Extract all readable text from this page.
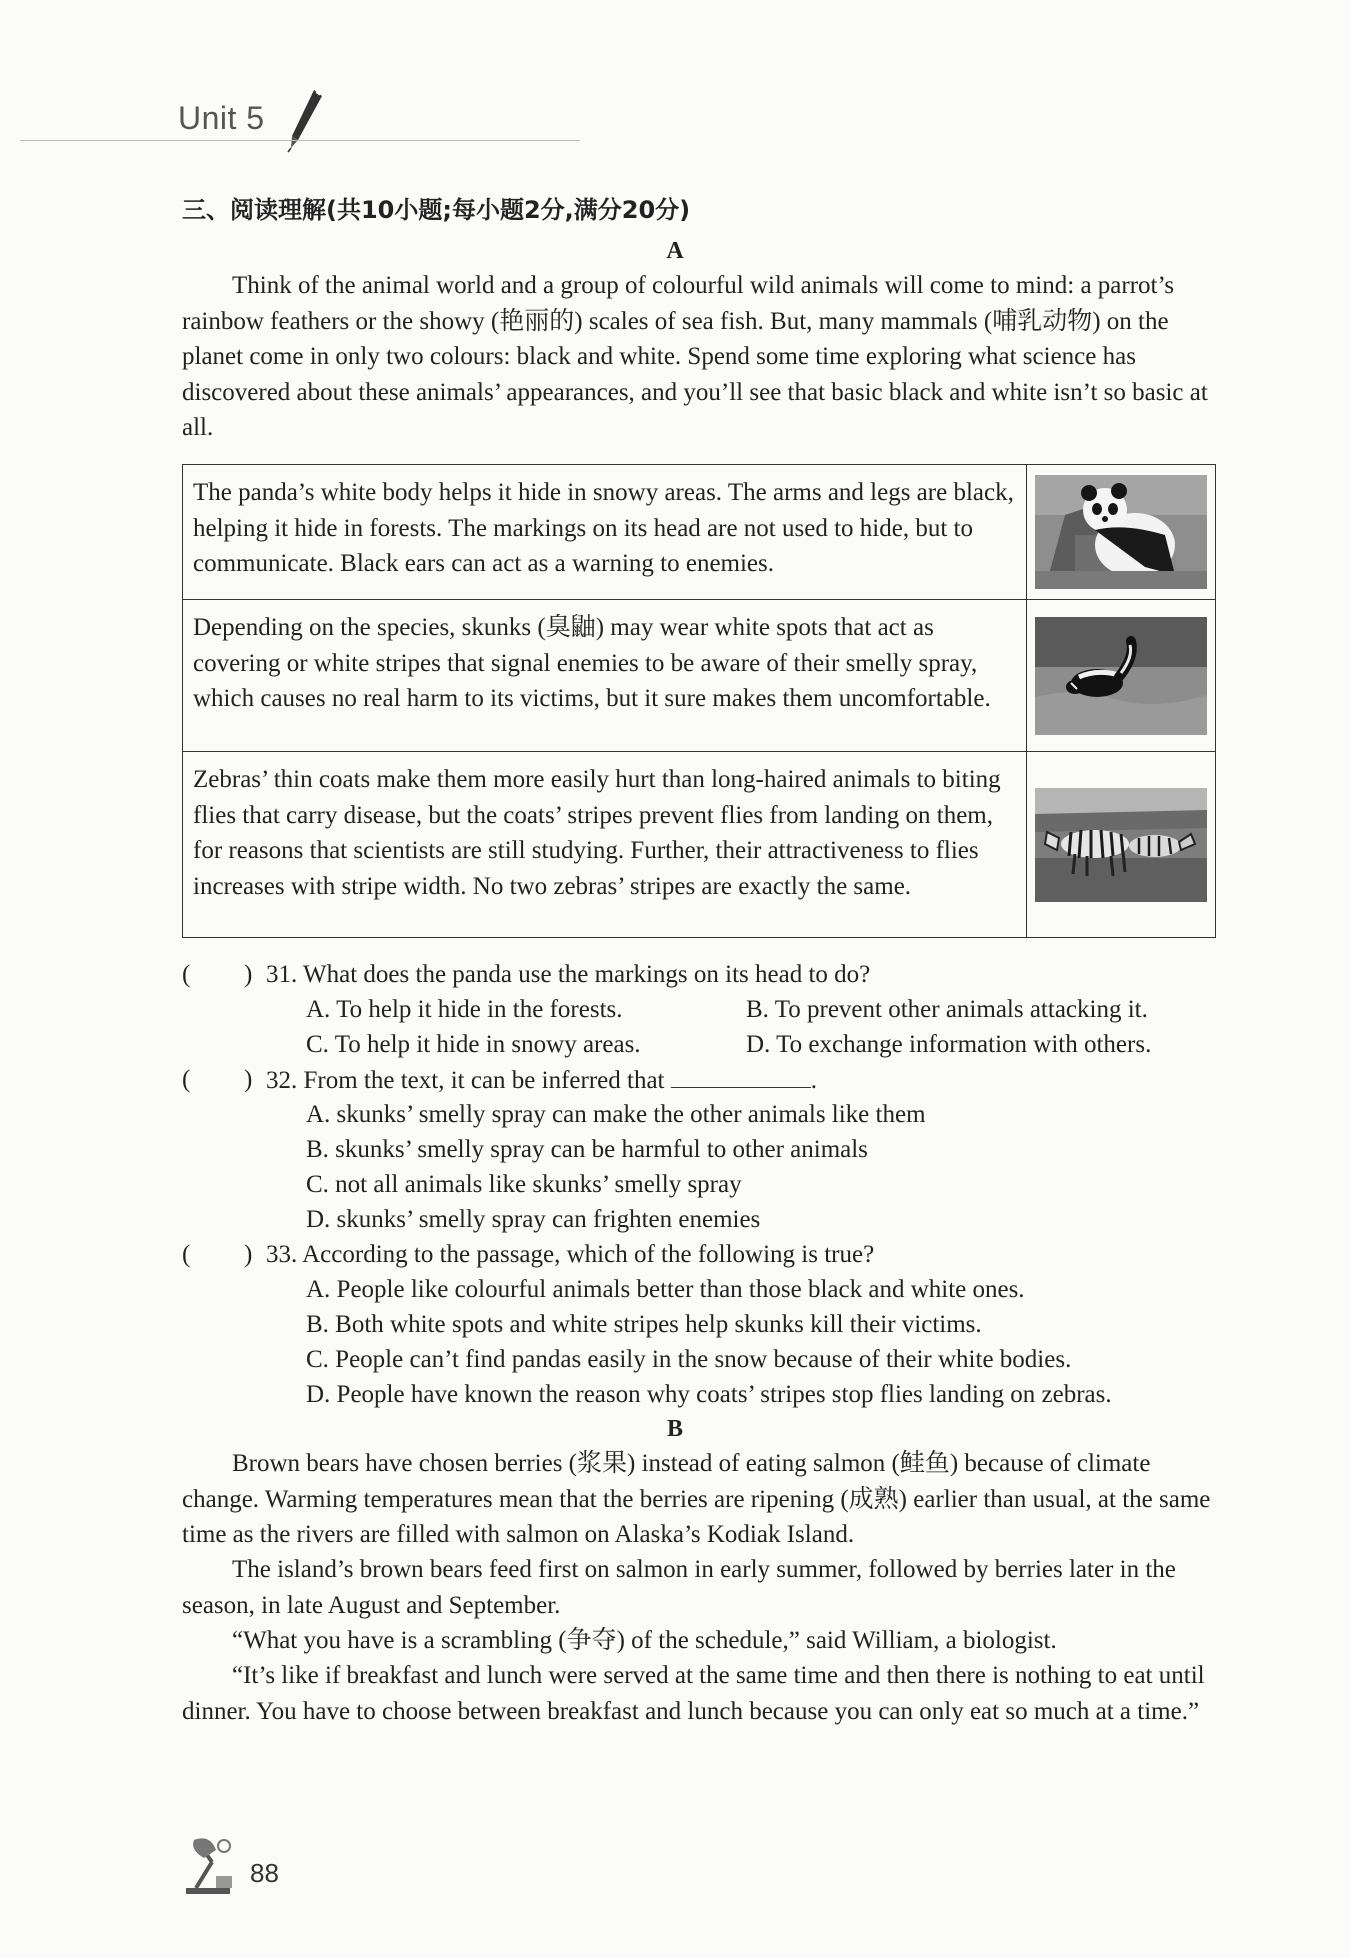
Unit 5
三、阅读理解(共10小题;每小题2分,满分20分)
A
Think of the animal world and a group of colourful wild animals will come to mind: a parrot’s rainbow feathers or the showy (艳丽的) scales of sea fish. But, many mammals (哺乳动物) on the planet come in only two colours: black and white. Spend some time exploring what science has discovered about these animals’ appearances, and you’ll see that basic black and white isn’t so basic at all.
The panda’s white body helps it hide in snowy areas. The arms and legs are black, helping it hide in forests. The markings on its head are not used to hide, but to communicate. Black ears can act as a warning to enemies.
Depending on the species, skunks (臭鼬) may wear white spots that act as covering or white stripes that signal enemies to be aware of their smelly spray, which causes no real harm to its victims, but it sure makes them uncomfortable.
Zebras’ thin coats make them more easily hurt than long-haired animals to biting flies that carry disease, but the coats’ stripes prevent flies from landing on them, for reasons that scientists are still studying. Further, their attractiveness to flies increases with stripe width. No two zebras’ stripes are exactly the same.
( ) 31. What does the panda use the markings on its head to do?
A. To help it hide in the forests.	B. To prevent other animals attacking it.
C. To help it hide in snowy areas.	D. To exchange information with others.
( ) 32. From the text, it can be inferred that	.
A. skunks’ smelly spray can make the other animals like them
B. skunks’ smelly spray can be harmful to other animals
C. not all animals like skunks’ smelly spray
D. skunks’ smelly spray can frighten enemies
( ) 33. According to the passage, which of the following is true?
A. People like colourful animals better than those black and white ones.
B. Both white spots and white stripes help skunks kill their victims.
C. People can’t find pandas easily in the snow because of their white bodies.
D. People have known the reason why coats’ stripes stop flies landing on zebras.
B
Brown bears have chosen berries (浆果) instead of eating salmon (鲑鱼) because of climate change. Warming temperatures mean that the berries are ripening (成熟) earlier than usual, at the same time as the rivers are filled with salmon on Alaska’s Kodiak Island.
The island’s brown bears feed first on salmon in early summer, followed by berries later in the season, in late August and September.
“What you have is a scrambling (争夺) of the schedule,” said William, a biologist.
“It’s like if breakfast and lunch were served at the same time and then there is nothing to eat until dinner. You have to choose between breakfast and lunch because you can only eat so much at a time.”
88
